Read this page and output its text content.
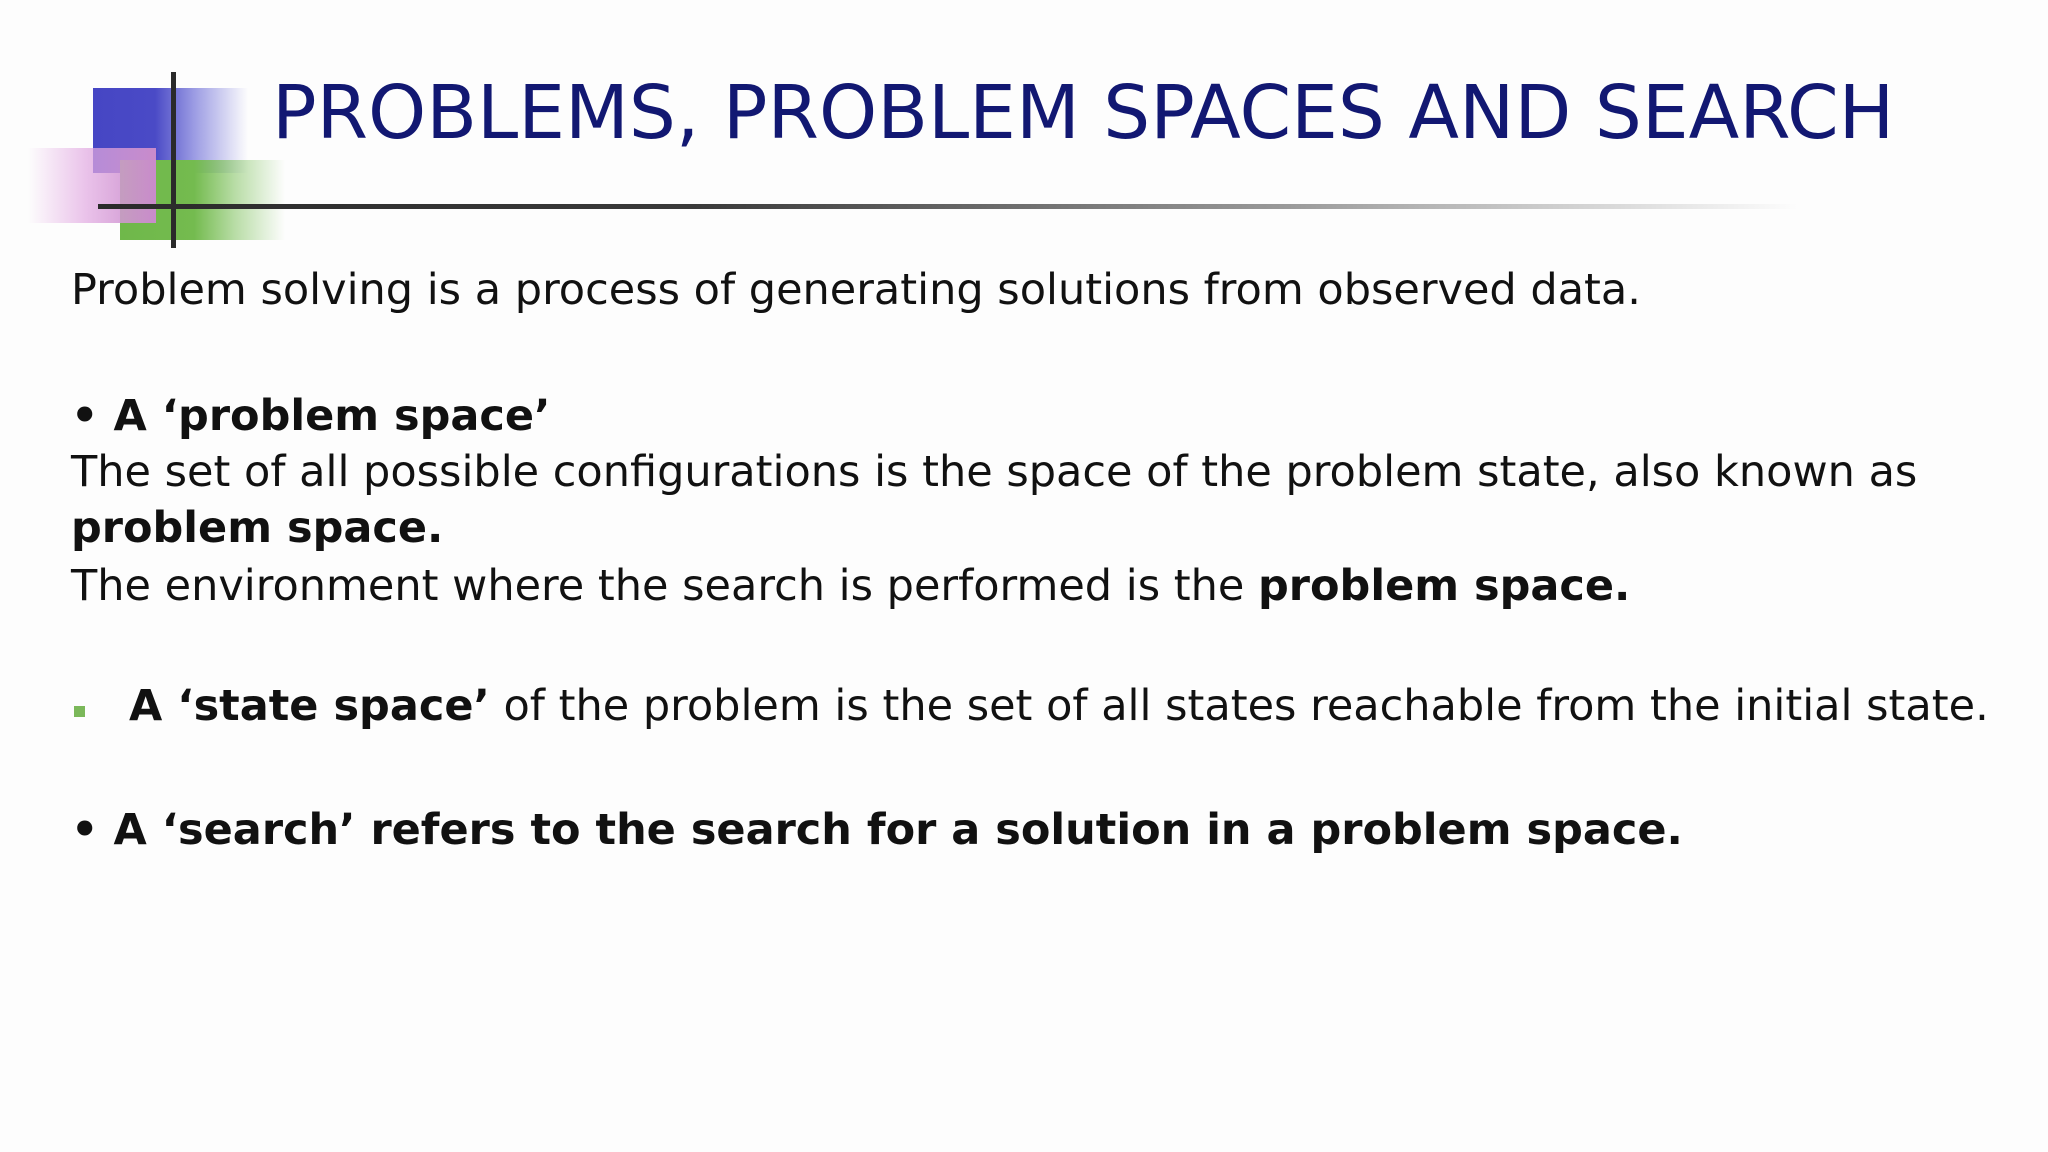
PROBLEMS, PROBLEM SPACES AND SEARCH

Problem solving is a process of generating solutions from observed data.

• A ‘problem space’

The set of all possible configurations is the space of the problem state, also known as problem space.

The environment where the search is performed is the problem space.

A ‘state space’ of the problem is the set of all states reachable from the initial state.

• A ‘search’ refers to the search for a solution in a problem space.
